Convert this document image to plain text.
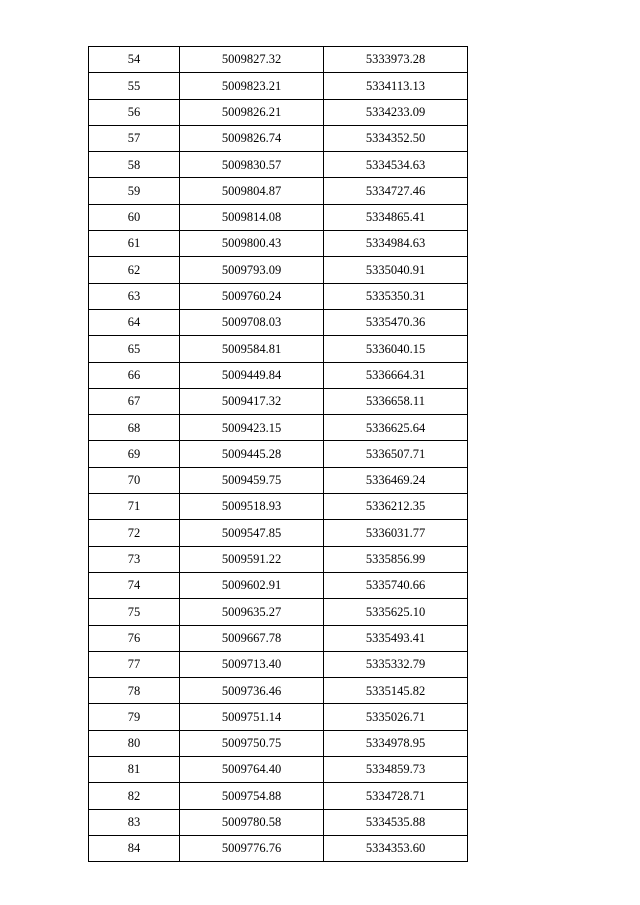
54	5009827.32	5333973.28
55	5009823.21	5334113.13
56	5009826.21	5334233.09
57	5009826.74	5334352.50
58	5009830.57	5334534.63
59	5009804.87	5334727.46
60	5009814.08	5334865.41
61	5009800.43	5334984.63
62	5009793.09	5335040.91
63	5009760.24	5335350.31
64	5009708.03	5335470.36
65	5009584.81	5336040.15
66	5009449.84	5336664.31
67	5009417.32	5336658.11
68	5009423.15	5336625.64
69	5009445.28	5336507.71
70	5009459.75	5336469.24
71	5009518.93	5336212.35
72	5009547.85	5336031.77
73	5009591.22	5335856.99
74	5009602.91	5335740.66
75	5009635.27	5335625.10
76	5009667.78	5335493.41
77	5009713.40	5335332.79
78	5009736.46	5335145.82
79	5009751.14	5335026.71
80	5009750.75	5334978.95
81	5009764.40	5334859.73
82	5009754.88	5334728.71
83	5009780.58	5334535.88
84	5009776.76	5334353.60
